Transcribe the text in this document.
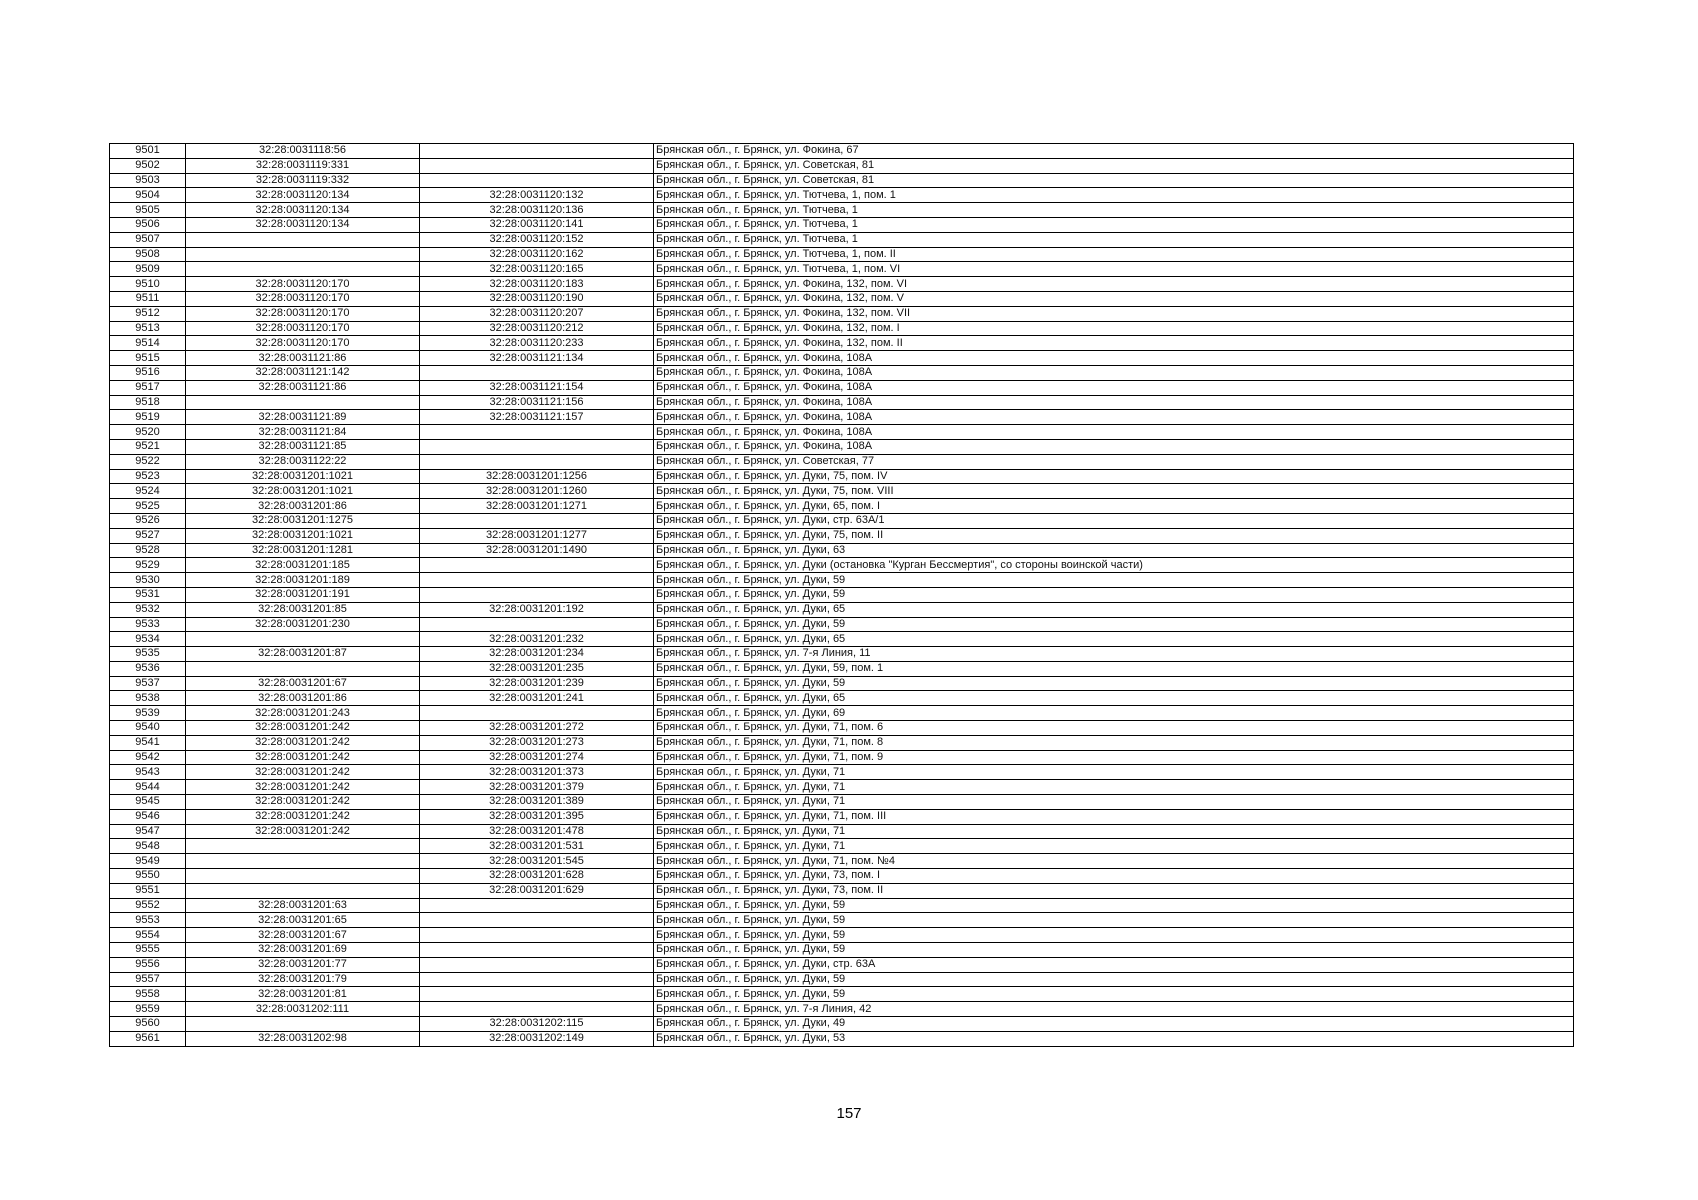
9501	32:28:0031118:56		Брянская обл., г. Брянск, ул. Фокина, 67
9502	32:28:0031119:331		Брянская обл., г. Брянск, ул. Советская, 81
9503	32:28:0031119:332		Брянская обл., г. Брянск, ул. Советская, 81
9504	32:28:0031120:134	32:28:0031120:132	Брянская обл., г. Брянск, ул. Тютчева, 1, пом. 1
9505	32:28:0031120:134	32:28:0031120:136	Брянская обл., г. Брянск, ул. Тютчева, 1
9506	32:28:0031120:134	32:28:0031120:141	Брянская обл., г. Брянск, ул. Тютчева, 1
9507		32:28:0031120:152	Брянская обл., г. Брянск, ул. Тютчева, 1
9508		32:28:0031120:162	Брянская обл., г. Брянск, ул. Тютчева, 1, пом. II
9509		32:28:0031120:165	Брянская обл., г. Брянск, ул. Тютчева, 1, пом. VI
9510	32:28:0031120:170	32:28:0031120:183	Брянская обл., г. Брянск, ул. Фокина, 132, пом. VI
9511	32:28:0031120:170	32:28:0031120:190	Брянская обл., г. Брянск, ул. Фокина, 132, пом. V
9512	32:28:0031120:170	32:28:0031120:207	Брянская обл., г. Брянск, ул. Фокина, 132, пом. VII
9513	32:28:0031120:170	32:28:0031120:212	Брянская обл., г. Брянск, ул. Фокина, 132, пом. I
9514	32:28:0031120:170	32:28:0031120:233	Брянская обл., г. Брянск, ул. Фокина, 132, пом. II
9515	32:28:0031121:86	32:28:0031121:134	Брянская обл., г. Брянск, ул. Фокина, 108А
9516	32:28:0031121:142		Брянская обл., г. Брянск, ул. Фокина, 108А
9517	32:28:0031121:86	32:28:0031121:154	Брянская обл., г. Брянск, ул. Фокина, 108А
9518		32:28:0031121:156	Брянская обл., г. Брянск, ул. Фокина, 108А
9519	32:28:0031121:89	32:28:0031121:157	Брянская обл., г. Брянск, ул. Фокина, 108А
9520	32:28:0031121:84		Брянская обл., г. Брянск, ул. Фокина, 108А
9521	32:28:0031121:85		Брянская обл., г. Брянск, ул. Фокина, 108А
9522	32:28:0031122:22		Брянская обл., г. Брянск, ул. Советская, 77
9523	32:28:0031201:1021	32:28:0031201:1256	Брянская обл., г. Брянск, ул. Дуки, 75, пом. IV
9524	32:28:0031201:1021	32:28:0031201:1260	Брянская обл., г. Брянск, ул. Дуки, 75, пом. VIII
9525	32:28:0031201:86	32:28:0031201:1271	Брянская обл., г. Брянск, ул. Дуки, 65, пом. I
9526	32:28:0031201:1275		Брянская обл., г. Брянск, ул. Дуки, стр. 63А/1
9527	32:28:0031201:1021	32:28:0031201:1277	Брянская обл., г. Брянск, ул. Дуки, 75, пом. II
9528	32:28:0031201:1281	32:28:0031201:1490	Брянская обл., г. Брянск, ул. Дуки, 63
9529	32:28:0031201:185		Брянская обл., г. Брянск, ул. Дуки (остановка "Курган Бессмертия", со стороны воинской части)
9530	32:28:0031201:189		Брянская обл., г. Брянск, ул. Дуки, 59
9531	32:28:0031201:191		Брянская обл., г. Брянск, ул. Дуки, 59
9532	32:28:0031201:85	32:28:0031201:192	Брянская обл., г. Брянск, ул. Дуки, 65
9533	32:28:0031201:230		Брянская обл., г. Брянск, ул. Дуки, 59
9534		32:28:0031201:232	Брянская обл., г. Брянск, ул. Дуки, 65
9535	32:28:0031201:87	32:28:0031201:234	Брянская обл., г. Брянск, ул. 7-я Линия, 11
9536		32:28:0031201:235	Брянская обл., г. Брянск, ул. Дуки, 59, пом. 1
9537	32:28:0031201:67	32:28:0031201:239	Брянская обл., г. Брянск, ул. Дуки, 59
9538	32:28:0031201:86	32:28:0031201:241	Брянская обл., г. Брянск, ул. Дуки, 65
9539	32:28:0031201:243		Брянская обл., г. Брянск, ул. Дуки, 69
9540	32:28:0031201:242	32:28:0031201:272	Брянская обл., г. Брянск, ул. Дуки, 71, пом. 6
9541	32:28:0031201:242	32:28:0031201:273	Брянская обл., г. Брянск, ул. Дуки, 71, пом. 8
9542	32:28:0031201:242	32:28:0031201:274	Брянская обл., г. Брянск, ул. Дуки, 71, пом. 9
9543	32:28:0031201:242	32:28:0031201:373	Брянская обл., г. Брянск, ул. Дуки, 71
9544	32:28:0031201:242	32:28:0031201:379	Брянская обл., г. Брянск, ул. Дуки, 71
9545	32:28:0031201:242	32:28:0031201:389	Брянская обл., г. Брянск, ул. Дуки, 71
9546	32:28:0031201:242	32:28:0031201:395	Брянская обл., г. Брянск, ул. Дуки, 71, пом. III
9547	32:28:0031201:242	32:28:0031201:478	Брянская обл., г. Брянск, ул. Дуки, 71
9548		32:28:0031201:531	Брянская обл., г. Брянск, ул. Дуки, 71
9549		32:28:0031201:545	Брянская обл., г. Брянск, ул. Дуки, 71, пом. №4
9550		32:28:0031201:628	Брянская обл., г. Брянск, ул. Дуки, 73, пом. I
9551		32:28:0031201:629	Брянская обл., г. Брянск, ул. Дуки, 73, пом. II
9552	32:28:0031201:63		Брянская обл., г. Брянск, ул. Дуки, 59
9553	32:28:0031201:65		Брянская обл., г. Брянск, ул. Дуки, 59
9554	32:28:0031201:67		Брянская обл., г. Брянск, ул. Дуки, 59
9555	32:28:0031201:69		Брянская обл., г. Брянск, ул. Дуки, 59
9556	32:28:0031201:77		Брянская обл., г. Брянск, ул. Дуки, стр. 63А
9557	32:28:0031201:79		Брянская обл., г. Брянск, ул. Дуки, 59
9558	32:28:0031201:81		Брянская обл., г. Брянск, ул. Дуки, 59
9559	32:28:0031202:111		Брянская обл., г. Брянск, ул. 7-я Линия, 42
9560		32:28:0031202:115	Брянская обл., г. Брянск, ул. Дуки, 49
9561	32:28:0031202:98	32:28:0031202:149	Брянская обл., г. Брянск, ул. Дуки, 53
157
